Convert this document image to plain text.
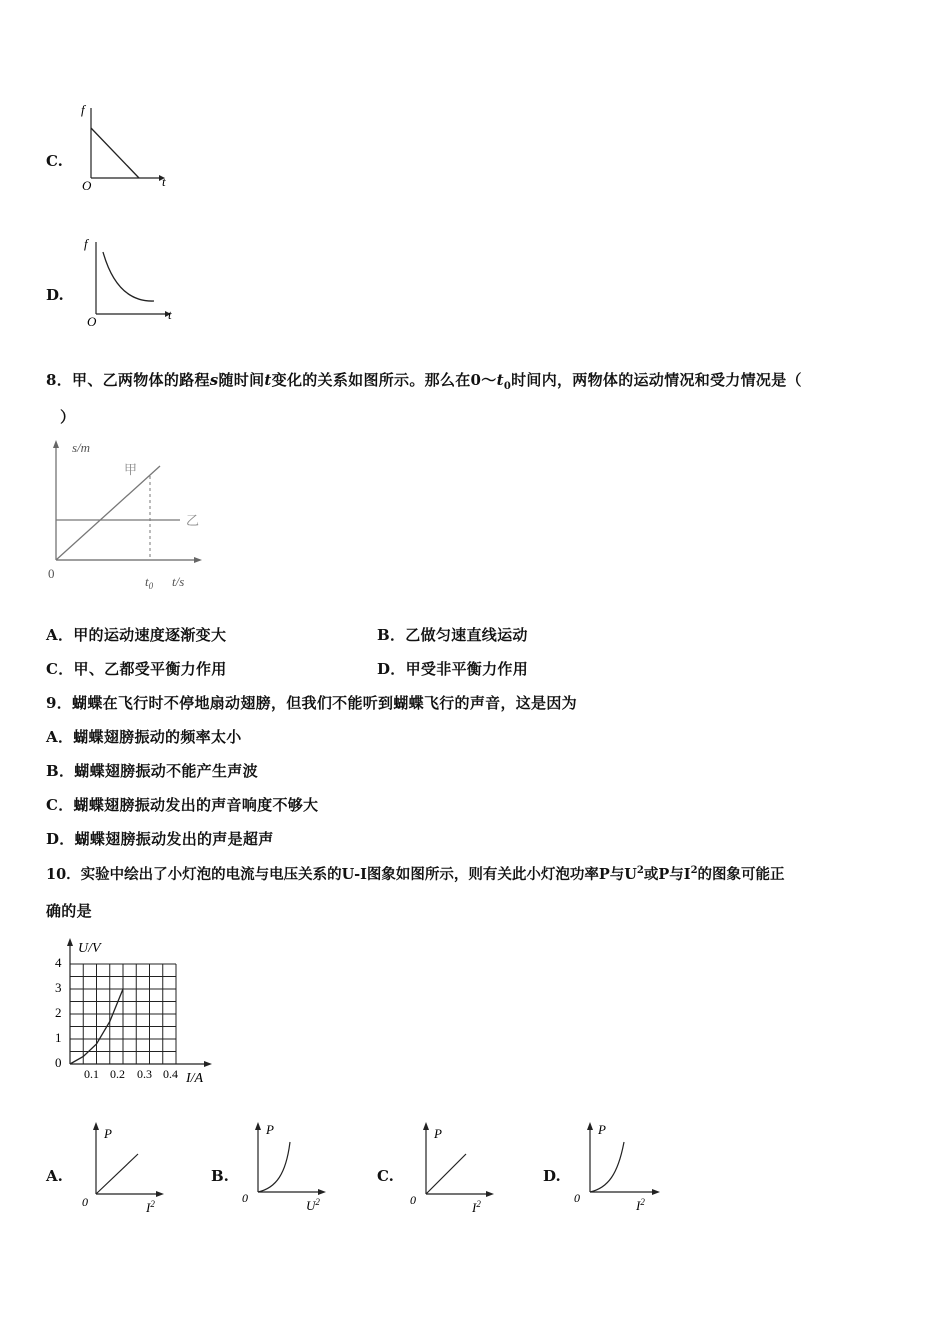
C.
f
t
O
D.
f
t
O
8．甲、乙两物体的路程s随时间t变化的关系如图所示。那么在$0\sim t_0$时间内，两物体的运动情况和受力情况是（
）
s/m
t/s
0
$t_0$
甲
乙
A．甲的运动速度逐渐变大	B．乙做匀速直线运动
C．甲、乙都受平衡力作用	D．甲受非平衡力作用
9．蝴蝶在飞行时不停地扇动翅膀，但我们不能听到蝴蝶飞行的声音，这是因为
A．蝴蝶翅膀振动的频率太小
B．蝴蝶翅膀振动不能产生声波
C．蝴蝶翅膀振动发出的声音响度不够大
D．蝴蝶翅膀振动发出的声是超声
10．实验中绘出了小灯泡的电流与电压关系的U-I图象如图所示，则有关此小灯泡功率P与$U^2$或P与$I^2$的图象可能正
确的是
U/V
I/A
4
3
2
1
0
0.1 0.2 0.3 0.4
A.
P
0	$I^2$
B.
P
0	$U^2$
C.
P
0	$I^2$
D.
P
0	$I^2$
